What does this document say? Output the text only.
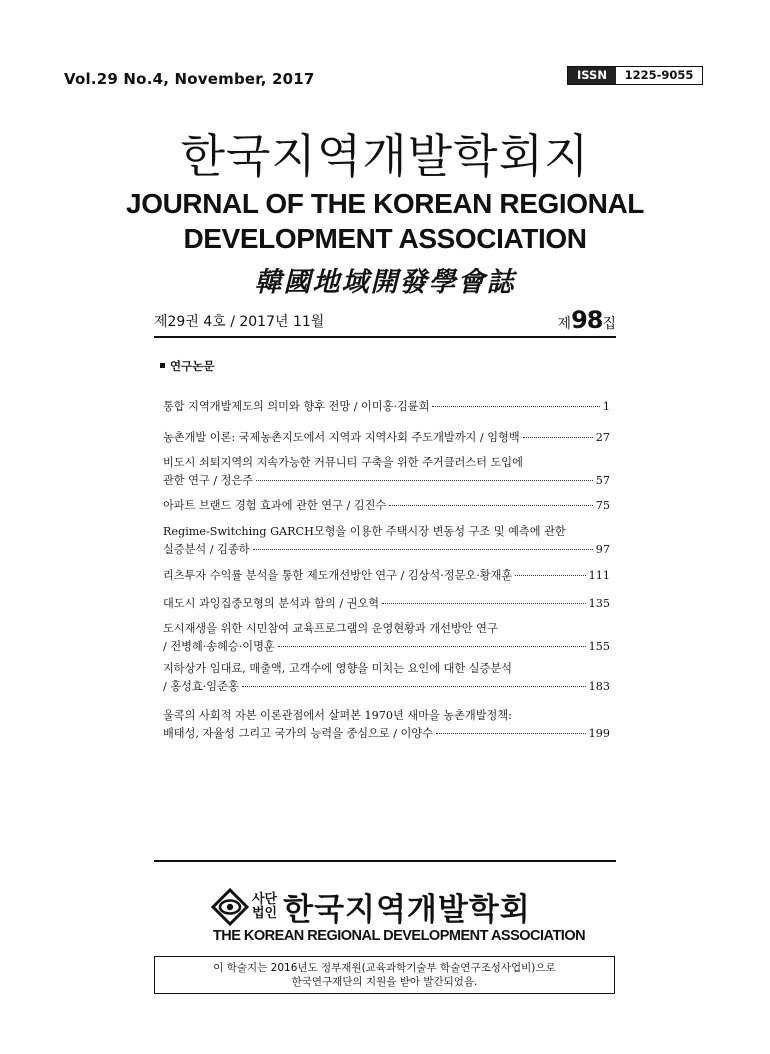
Vol.29 No.4, November, 2017	ISSN	1225-9055
한국지역개발학회지
JOURNAL OF THE KOREAN REGIONAL
DEVELOPMENT ASSOCIATION
韓國地域開發學會誌
제29권 4호 / 2017년 11월	제98집
연구논문
통합 지역개발제도의 의미와 향후 전망 / 이미홍·김륜희	1
농촌개발 이론: 국제농촌지도에서 지역과 지역사회 주도개발까지 / 임형백	27
비도시 쇠퇴지역의 지속가능한 커뮤니티 구축을 위한 주거클러스터 도입에
관한 연구 / 정은주	57
아파트 브랜드 경험 효과에 관한 연구 / 김진수	75
Regime-Switching GARCH모형을 이용한 주택시장 변동성 구조 및 예측에 관한
실증분석 / 김종하	97
리츠투자 수익률 분석을 통한 제도개선방안 연구 / 김상석·정문오·황재훈	111
대도시 과잉집중모형의 분석과 함의 / 권오혁	135
도시재생을 위한 시민참여 교육프로그램의 운영현황과 개선방안 연구
/ 전병혜·송혜승·이명훈	155
지하상가 임대료, 매출액, 고객수에 영향을 미치는 요인에 대한 실증분석
/ 홍성효·임준홍	183
울콕의 사회적 자본 이론관점에서 살펴본 1970년 새마을 농촌개발정책:
배태성, 자율성 그리고 국가의 능력을 중심으로 / 이양수	199
사단
법인 한국지역개발학회
THE KOREAN REGIONAL DEVELOPMENT ASSOCIATION
이 학술지는 2016년도 정부재원(교육과학기술부 학술연구조성사업비)으로
한국연구재단의 지원을 받아 발간되었음.
